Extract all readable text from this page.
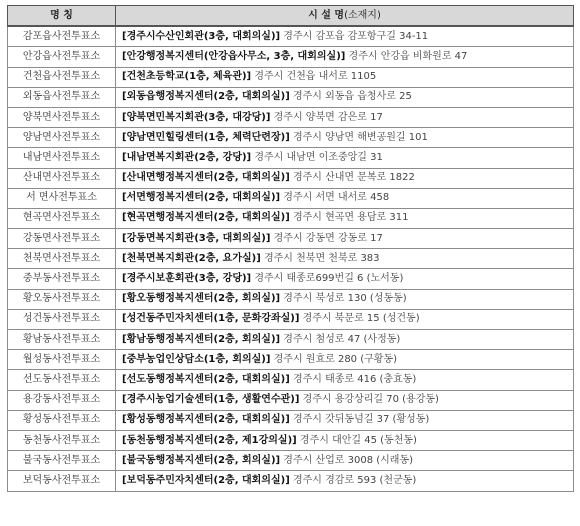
명 칭	시 설 명(소재지)
감포읍사전투표소	[경주시수산인회관(3층, 대회의실)] 경주시 감포읍 감포항구길 34-11
안강읍사전투표소	[안강행정복지센터(안강읍사무소, 3층, 대회의실)] 경주시 안강읍 비화원로 47
건천읍사전투표소	[건천초등학교(1층, 체육관)] 경주시 건천읍 내서로 1105
외동읍사전투표소	[외동읍행정복지센터(2층, 대회의실)] 경주시 외동읍 읍청사로 25
양북면사전투표소	[양북면민복지회관(3층, 대강당)] 경주시 양북면 감은로 17
양남면사전투표소	[양남면민힐링센터(1층, 체력단련장)] 경주시 양남면 해변공원길 101
내남면사전투표소	[내남면복지회관(2층, 강당)] 경주시 내남면 이조중앙길 31
산내면사전투표소	[산내면행정복지센터(2층, 대회의실)] 경주시 산내면 문복로 1822
서 면사전투표소	[서면행정복지센터(2층, 대회의실)] 경주시 서면 내서로 458
현곡면사전투표소	[현곡면행정복지센터(2층, 대회의실)] 경주시 현곡면 용담로 311
강동면사전투표소	[강동면복지회관(3층, 대회의실)] 경주시 강동면 강동로 17
천북면사전투표소	[천북면복지회관(2층, 요가실)] 경주시 천북면 천북로 383
중부동사전투표소	[경주시보훈회관(3층, 강당)] 경주시 태종로699번길 6 (노서동)
황오동사전투표소	[황오동행정복지센터(2층, 회의실)] 경주시 북성로 130 (성동동)
성건동사전투표소	[성건동주민자치센터(1층, 문화강좌실)] 경주시 북문로 15 (성건동)
황남동사전투표소	[황남동행정복지센터(2층, 회의실)] 경주시 첨성로 47 (사정동)
월성동사전투표소	[중부농업인상담소(1층, 회의실)] 경주시 원효로 280 (구황동)
선도동사전투표소	[선도동행정복지센터(2층, 대회의실)] 경주시 태종로 416 (충효동)
용강동사전투표소	[경주시농업기술센터(1층, 생활연수관)] 경주시 용강상리길 70 (용강동)
황성동사전투표소	[황성동행정복지센터(2층, 대회의실)] 경주시 갓뒤동넘길 37 (황성동)
동천동사전투표소	[동천동행정복지센터(2층, 제1강의실)] 경주시 대안길 45 (동천동)
불국동사전투표소	[불국동행정복지센터(2층, 회의실)] 경주시 산업로 3008 (시래동)
보덕동사전투표소	[보덕동주민자치센터(2층, 대회의실)] 경주시 경감로 593 (천군동)
